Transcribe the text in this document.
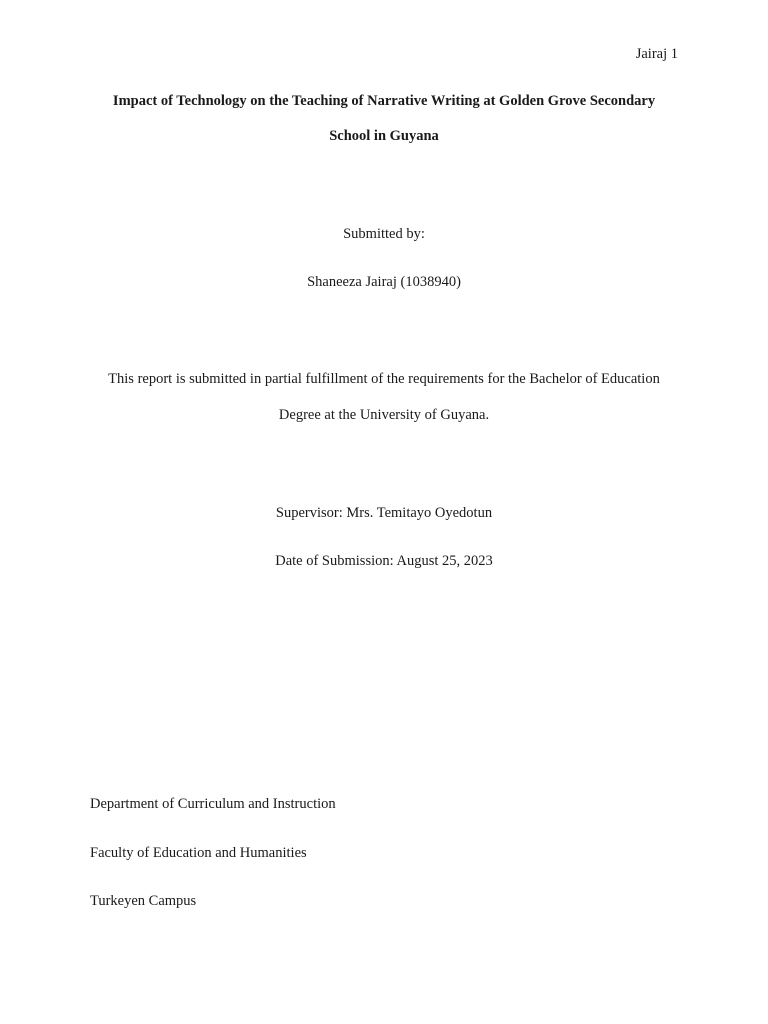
Jairaj 1
Impact of Technology on the Teaching of Narrative Writing at Golden Grove Secondary
School in Guyana
Submitted by:
Shaneeza Jairaj (1038940)
This report is submitted in partial fulfillment of the requirements for the Bachelor of Education
Degree at the University of Guyana.
Supervisor: Mrs. Temitayo Oyedotun
Date of Submission: August 25, 2023
Department of Curriculum and Instruction
Faculty of Education and Humanities
Turkeyen Campus
